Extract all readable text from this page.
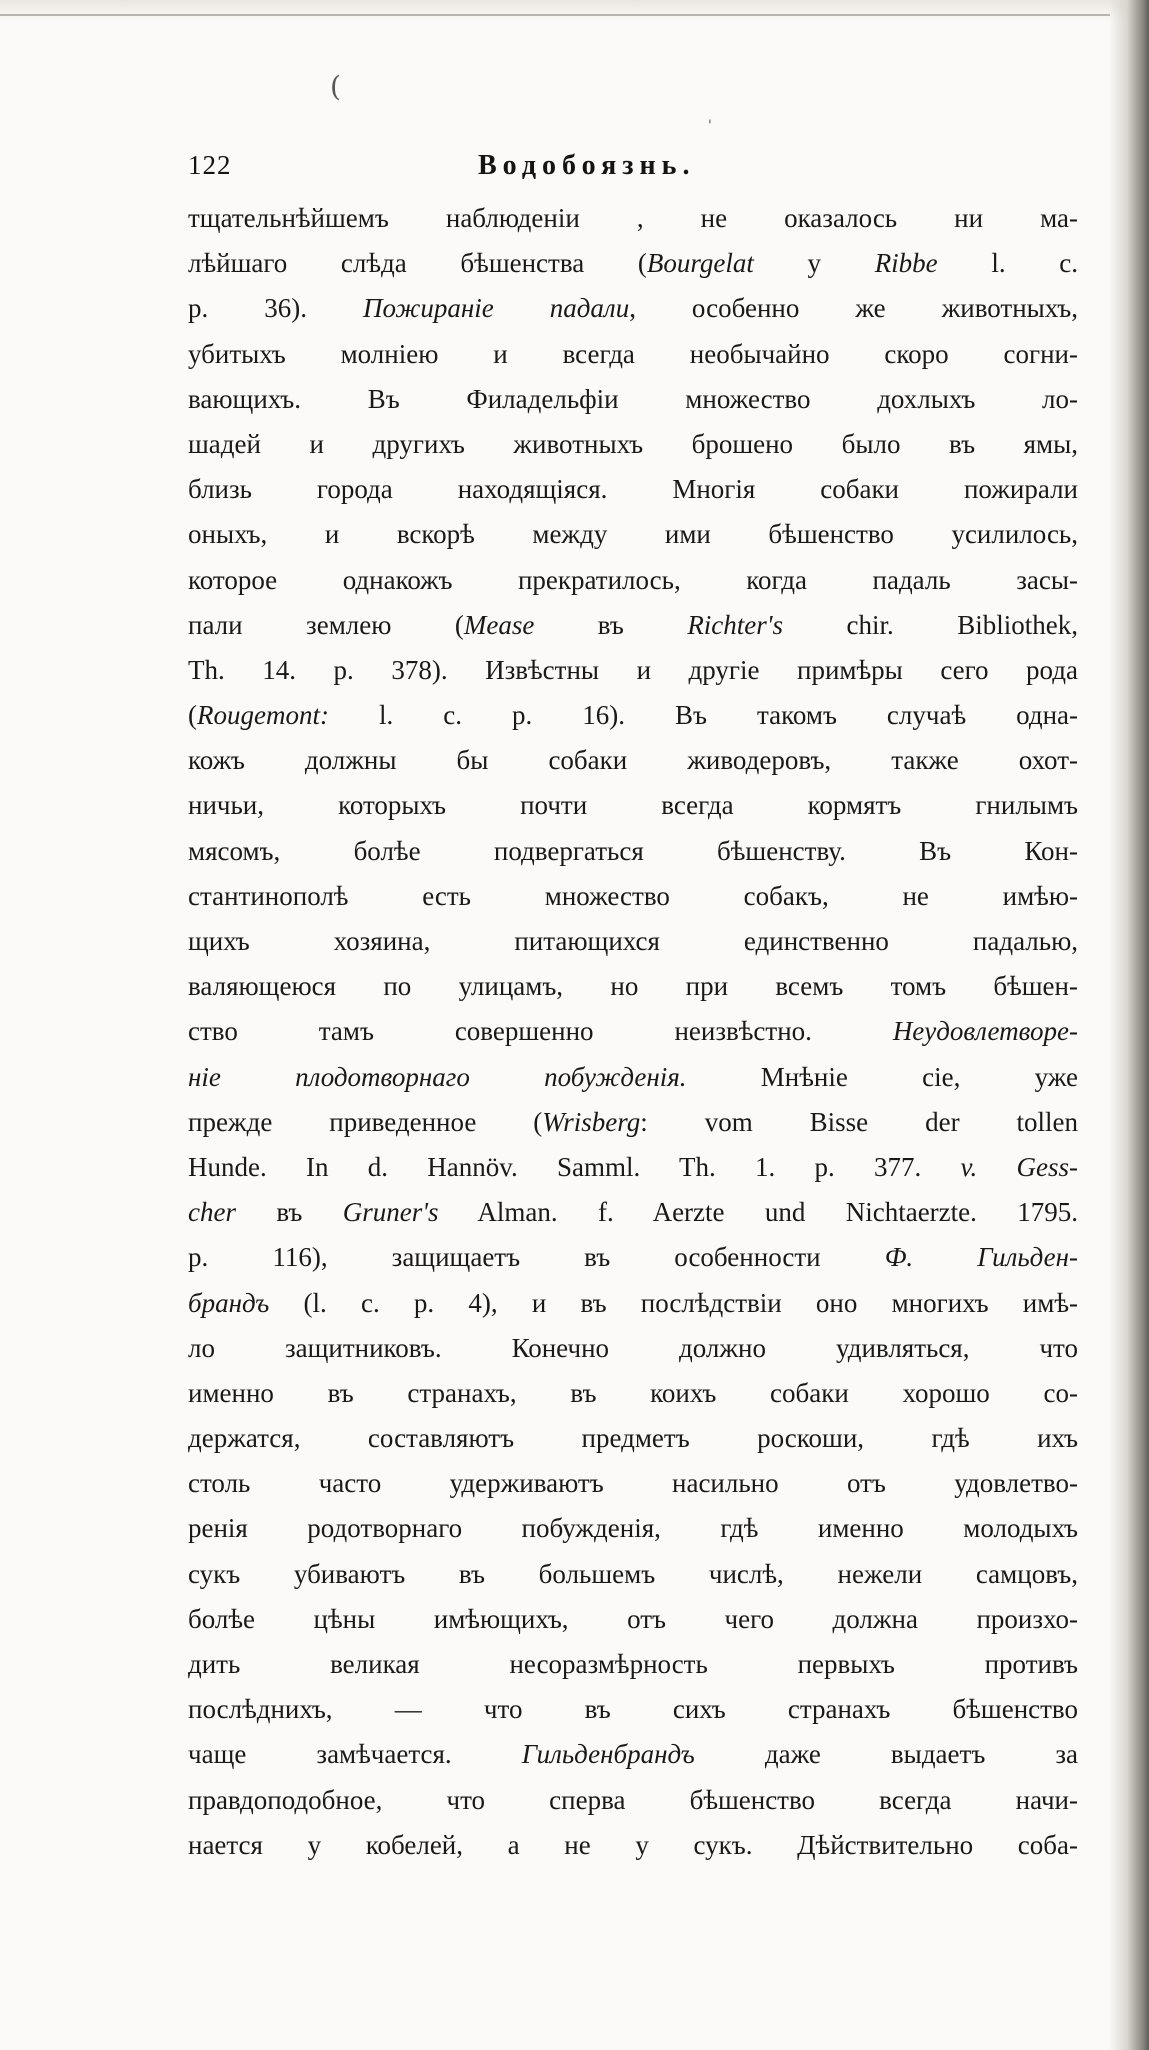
(
'
122	Водобоязнь.
тщательнѣйшемъ наблюденіи , не оказалось ни ма-
лѣйшаго слѣда бѣшенства (Bourgelat у Ribbe l. c.
p. 36). Пожираніе падали, особенно же животныхъ,
убитыхъ молніею и всегда необычайно скоро согни-
вающихъ. Въ Филадельфіи множество дохлыхъ ло-
шадей и другихъ животныхъ брошено было въ ямы,
близь города находящіяся. Многія собаки пожирали
оныхъ, и вскорѣ между ими бѣшенство усилилось,
которое однакожъ прекратилось, когда падаль засы-
пали землею (Mease въ Richter's chir. Bibliothek,
Th. 14. p. 378). Извѣстны и другіе примѣры сего рода
(Rougemont: l. c. p. 16). Въ такомъ случаѣ одна-
кожъ должны бы собаки живодеровъ, также охот-
ничьи, которыхъ почти всегда кормятъ гнилымъ
мясомъ, болѣе подвергаться бѣшенству. Въ Кон-
стантинополѣ есть множество собакъ, не имѣю-
щихъ хозяина, питающихся единственно падалью,
валяющеюся по улицамъ, но при всемъ томъ бѣшен-
ство тамъ совершенно неизвѣстно. Неудовлетворе-
ніе плодотворнаго побужденія. Мнѣніе сіе, уже
прежде приведенное (Wrisberg: vom Bisse der tollen
Hunde. In d. Hannöv. Samml. Th. 1. p. 377. v. Gess-
cher въ Gruner's Alman. f. Aerzte und Nichtaerzte. 1795.
p. 116), защищаетъ въ особенности Ф. Гильден-
брандъ (l. c. p. 4), и въ послѣдствіи оно многихъ имѣ-
ло защитниковъ. Конечно должно удивляться, что
именно въ странахъ, въ коихъ собаки хорошо со-
держатся, составляютъ предметъ роскоши, гдѣ ихъ
столь часто удерживаютъ насильно отъ удовлетво-
ренія родотворнаго побужденія, гдѣ именно молодыхъ
сукъ убиваютъ въ большемъ числѣ, нежели самцовъ,
болѣе цѣны имѣющихъ, отъ чего должна произхо-
дить великая несоразмѣрность первыхъ противъ
послѣднихъ, — что въ сихъ странахъ бѣшенство
чаще замѣчается. Гильденбрандъ даже выдаетъ за
правдоподобное, что сперва бѣшенство всегда начи-
нается у кобелей, а не у сукъ. Дѣйствительно соба-
